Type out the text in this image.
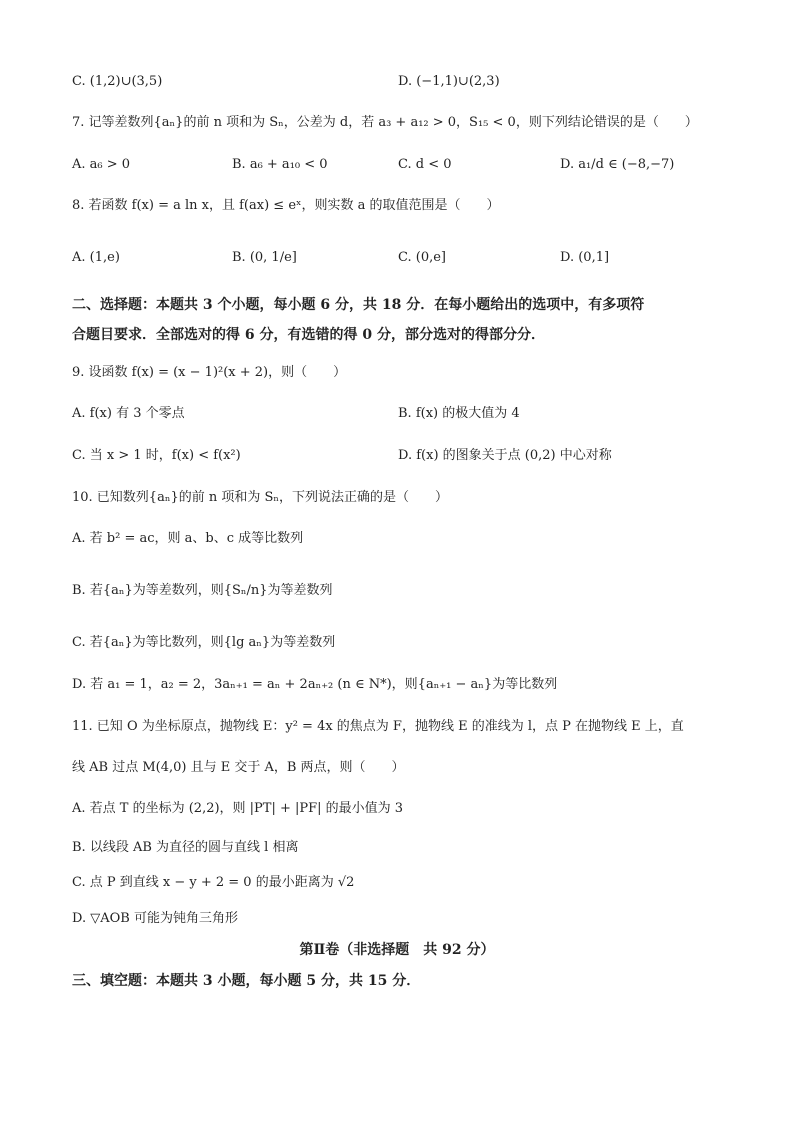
C. (1,2)∪(3,5)	D. (−1,1)∪(2,3)
7. 记等差数列{aₙ}的前 n 项和为 Sₙ，公差为 d，若 a₃ + a₁₂ > 0，S₁₅ < 0，则下列结论错误的是（　　）
A. a₆ > 0	B. a₆ + a₁₀ < 0	C. d < 0	D. a₁/d ∈ (−8,−7)
8. 若函数 f(x) = a ln x，且 f(ax) ≤ eˣ，则实数 a 的取值范围是（　　）
A. (1,e)	B. (0, 1/e]	C. (0,e]	D. (0,1]
二、选择题：本题共 3 个小题，每小题 6 分，共 18 分．在每小题给出的选项中，有多项符
合题目要求．全部选对的得 6 分，有选错的得 0 分，部分选对的得部分分．
9. 设函数 f(x) = (x − 1)²(x + 2)，则（　　）
A. f(x) 有 3 个零点	B. f(x) 的极大值为 4
C. 当 x > 1 时，f(x) < f(x²)	D. f(x) 的图象关于点 (0,2) 中心对称
10. 已知数列{aₙ}的前 n 项和为 Sₙ，下列说法正确的是（　　）
A. 若 b² = ac，则 a、b、c 成等比数列
B. 若{aₙ}为等差数列，则{Sₙ/n}为等差数列
C. 若{aₙ}为等比数列，则{lg aₙ}为等差数列
D. 若 a₁ = 1，a₂ = 2，3aₙ₊₁ = aₙ + 2aₙ₊₂ (n ∈ N*)，则{aₙ₊₁ − aₙ}为等比数列
11. 已知 O 为坐标原点，抛物线 E：y² = 4x 的焦点为 F，抛物线 E 的准线为 l，点 P 在抛物线 E 上，直
线 AB 过点 M(4,0) 且与 E 交于 A，B 两点，则（　　）
A. 若点 T 的坐标为 (2,2)，则 |PT| + |PF| 的最小值为 3
B. 以线段 AB 为直径的圆与直线 l 相离
C. 点 P 到直线 x − y + 2 = 0 的最小距离为 √2
D. ▽AOB 可能为钝角三角形
第Ⅱ卷（非选择题　共 92 分）
三、填空题：本题共 3 小题，每小题 5 分，共 15 分．
